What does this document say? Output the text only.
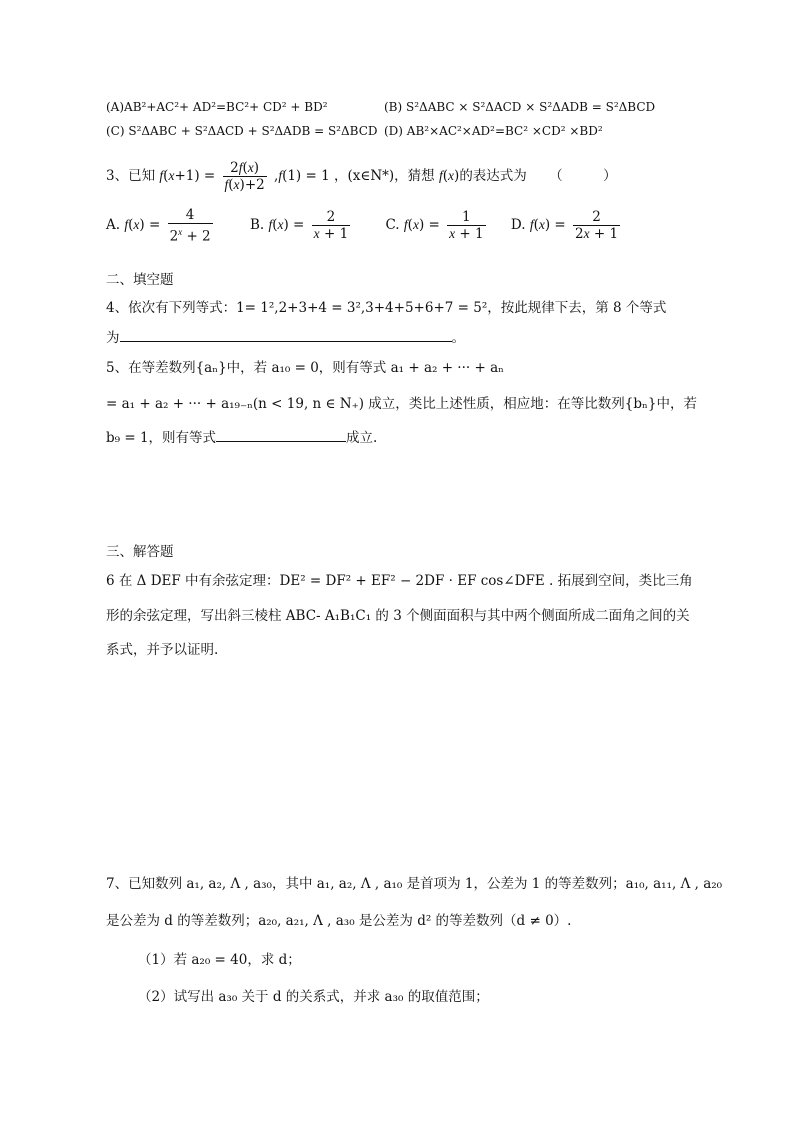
(A)AB²+AC²+ AD²=BC²+ CD² + BD²	(B) S²ΔABC × S²ΔACD × S²ΔADB = S²ΔBCD
(C) S²ΔABC + S²ΔACD + S²ΔADB = S²ΔBCD (D) AB²×AC²×AD²=BC² ×CD² ×BD²
3、已知 $f(x+1) = \frac{2f(x)}{f(x)+2} ,f(1) = 1$ ，(x∈N*)，猜想 f(x)的表达式为 （　　　）
A. $f(x) = \frac{4}{2^x + 2}$	B. $f(x) = \frac{2}{x + 1}$	C. $f(x) = \frac{1}{x + 1} D$. $f(x) = \frac{2}{2x + 1}$
二、填空题
4、依次有下列等式：1= 1²,2+3+4 = 3²,3+4+5+6+7 = 5²，按此规律下去，第 8 个等式
为	。
5、在等差数列{aₙ}中，若 a₁₀ = 0，则有等式 a₁ + a₂ + ··· + aₙ
= a₁ + a₂ + ··· + a₁₉₋ₙ(n < 19, n ∈ N₊) 成立，类比上述性质，相应地：在等比数列{bₙ}中，若
b₉ = 1，则有等式	成立.
三、解答题
6 在 Δ DEF 中有余弦定理：DE² = DF² + EF² − 2DF · EF cos∠DFE . 拓展到空间，类比三角
形的余弦定理，写出斜三棱柱 ABC- A₁B₁C₁ 的 3 个侧面面积与其中两个侧面所成二面角之间的关
系式，并予以证明.
7、已知数列 a₁, a₂, Λ , a₃₀，其中 a₁, a₂, Λ , a₁₀ 是首项为 1，公差为 1 的等差数列；a₁₀, a₁₁, Λ , a₂₀
是公差为 d 的等差数列；a₂₀, a₂₁, Λ , a₃₀ 是公差为 d² 的等差数列（d ≠ 0）.
（1）若 a₂₀ = 40，求 d；
（2）试写出 a₃₀ 关于 d 的关系式，并求 a₃₀ 的取值范围；
